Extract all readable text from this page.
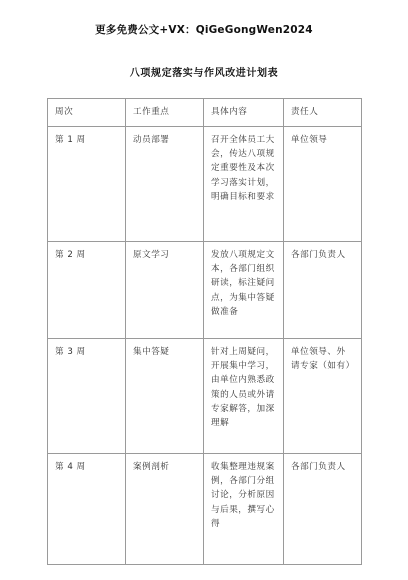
更多免费公文+VX：QiGeGongWen2024
八项规定落实与作风改进计划表
周次	工作重点	具体内容	责任人
第 1 周	动员部署	召开全体员工大会，传达八项规定重要性及本次学习落实计划，明确目标和要求	单位领导
第 2 周	原文学习	发放八项规定文本，各部门组织研读，标注疑问点，为集中答疑做准备	各部门负责人
第 3 周	集中答疑	针对上周疑问，开展集中学习，由单位内熟悉政策的人员或外请专家解答，加深理解	单位领导、外请专家（如有）
第 4 周	案例剖析	收集整理违规案例，各部门分组讨论，分析原因与后果，撰写心得	各部门负责人
